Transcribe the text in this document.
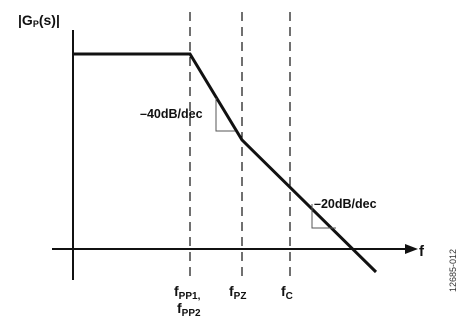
|GP(s)|
f
–40dB/dec
–20dB/dec
$f_{PP1,}$
$f_{PP2}$
$f_{PZ}$ $f_C$
12685-012
